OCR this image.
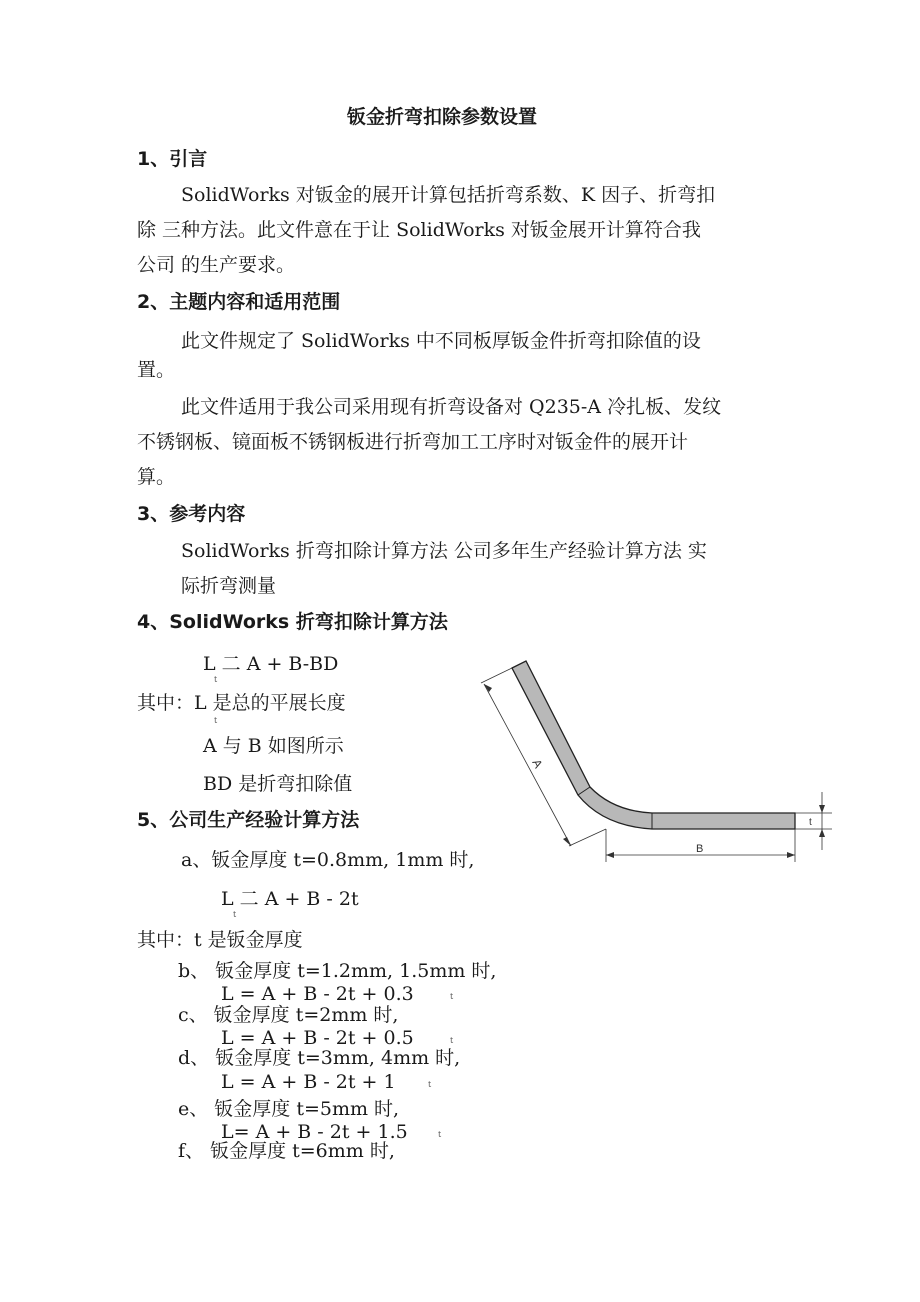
钣金折弯扣除参数设置
1、引言
SolidWorks 对钣金的展开计算包括折弯系数、K 因子、折弯扣
除 三种方法。此文件意在于让 SolidWorks 对钣金展开计算符合我
公司 的生产要求。
2、主题内容和适用范围
此文件规定了 SolidWorks 中不同板厚钣金件折弯扣除值的设
置。
此文件适用于我公司采用现有折弯设备对 Q235-A 冷扎板、发纹
不锈钢板、镜面板不锈钢板进行折弯加工工序时对钣金件的展开计
算。
3、参考内容
SolidWorks 折弯扣除计算方法 公司多年生产经验计算方法 实
际折弯测量
4、SolidWorks 折弯扣除计算方法
L 二 A + B-BD
t
其中：L 是总的平展长度
t
A 与 B 如图所示
BD 是折弯扣除值
A
B
t
5、公司生产经验计算方法
a、钣金厚度 t=0.8mm, 1mm 时,
L 二 A + B - 2t
t
其中：t 是钣金厚度
b、 钣金厚度 t=1.2mm, 1.5mm 时,
L = A + B - 2t + 0.3	t
c、 钣金厚度 t=2mm 时,
L = A + B - 2t + 0.5	t
d、 钣金厚度 t=3mm, 4mm 时,
L = A + B - 2t + 1	t
e、 钣金厚度 t=5mm 时,
L= A + B - 2t + 1.5	t
f、 钣金厚度 t=6mm 时,
